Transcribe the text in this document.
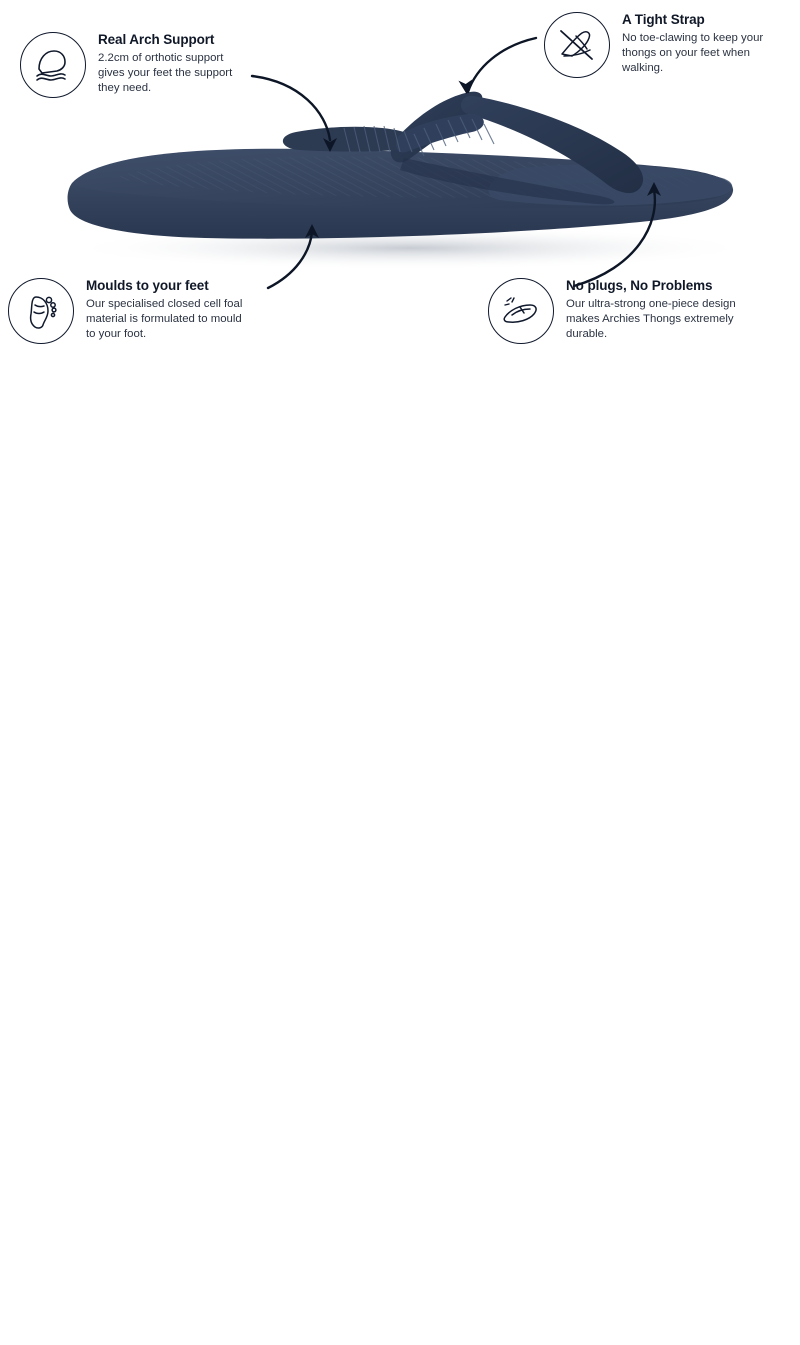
Real Arch Support

2.2cm of orthotic support gives your feet the support they need.

A Tight Strap

No toe-clawing to keep your thongs on your feet when walking.

Moulds to your feet

Our specialised closed cell foal material is formulated to mould to your foot.

No plugs, No Problems

Our ultra-strong one-piece design makes Archies Thongs extremely durable.
